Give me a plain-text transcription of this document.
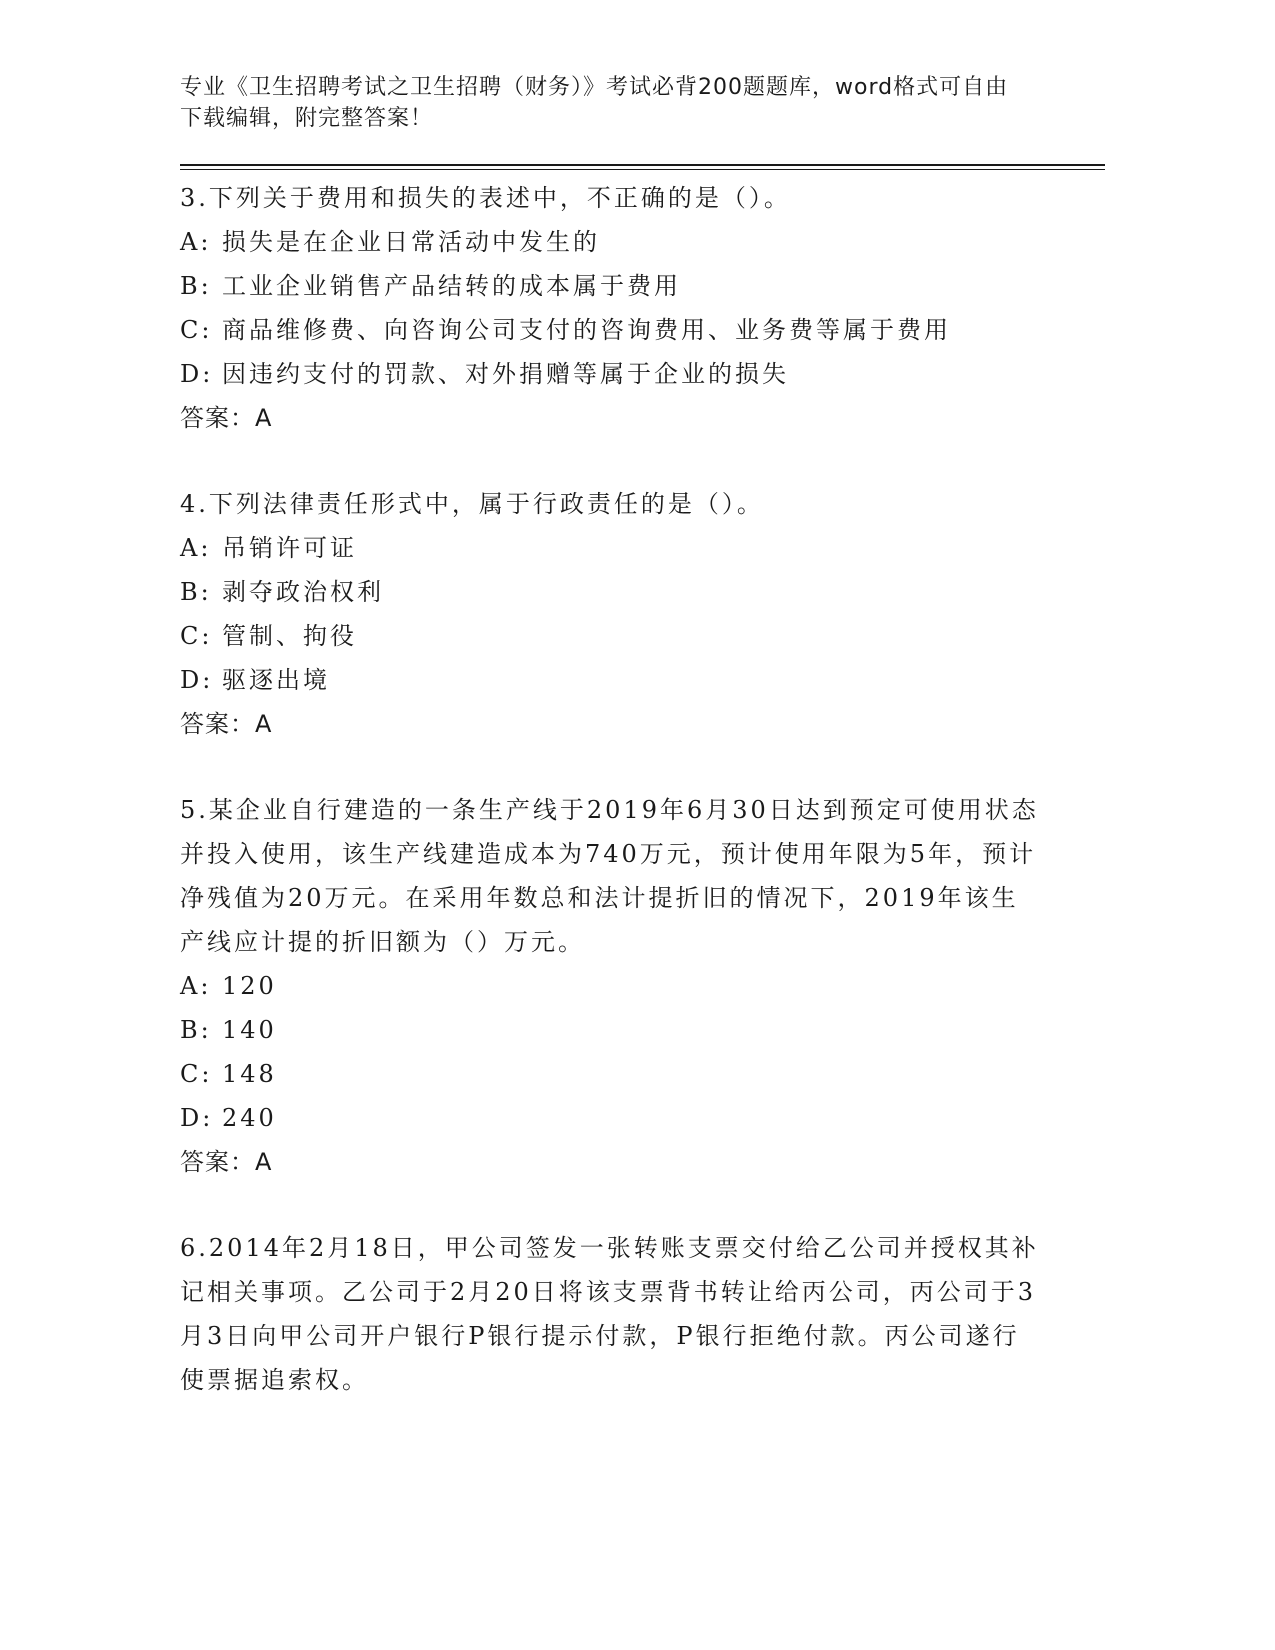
专业《卫生招聘考试之卫生招聘（财务）》考试必背200题题库，word格式可自由下载编辑，附完整答案！

3.下列关于费用和损失的表述中，不正确的是（）。

A: 损失是在企业日常活动中发生的

B: 工业企业销售产品结转的成本属于费用

C: 商品维修费、向咨询公司支付的咨询费用、业务费等属于费用

D: 因违约支付的罚款、对外捐赠等属于企业的损失

答案：A

4.下列法律责任形式中，属于行政责任的是（）。

A: 吊销许可证

B: 剥夺政治权利

C: 管制、拘役

D: 驱逐出境

答案：A

5.某企业自行建造的一条生产线于2019年6月30日达到预定可使用状态并投入使用，该生产线建造成本为740万元，预计使用年限为5年，预计净残值为20万元。在采用年数总和法计提折旧的情况下，2019年该生产线应计提的折旧额为（）万元。

A: 120

B: 140

C: 148

D: 240

答案：A

6.2014年2月18日，甲公司签发一张转账支票交付给乙公司并授权其补记相关事项。乙公司于2月20日将该支票背书转让给丙公司，丙公司于3月3日向甲公司开户银行P银行提示付款，P银行拒绝付款。丙公司遂行使票据追索权。
